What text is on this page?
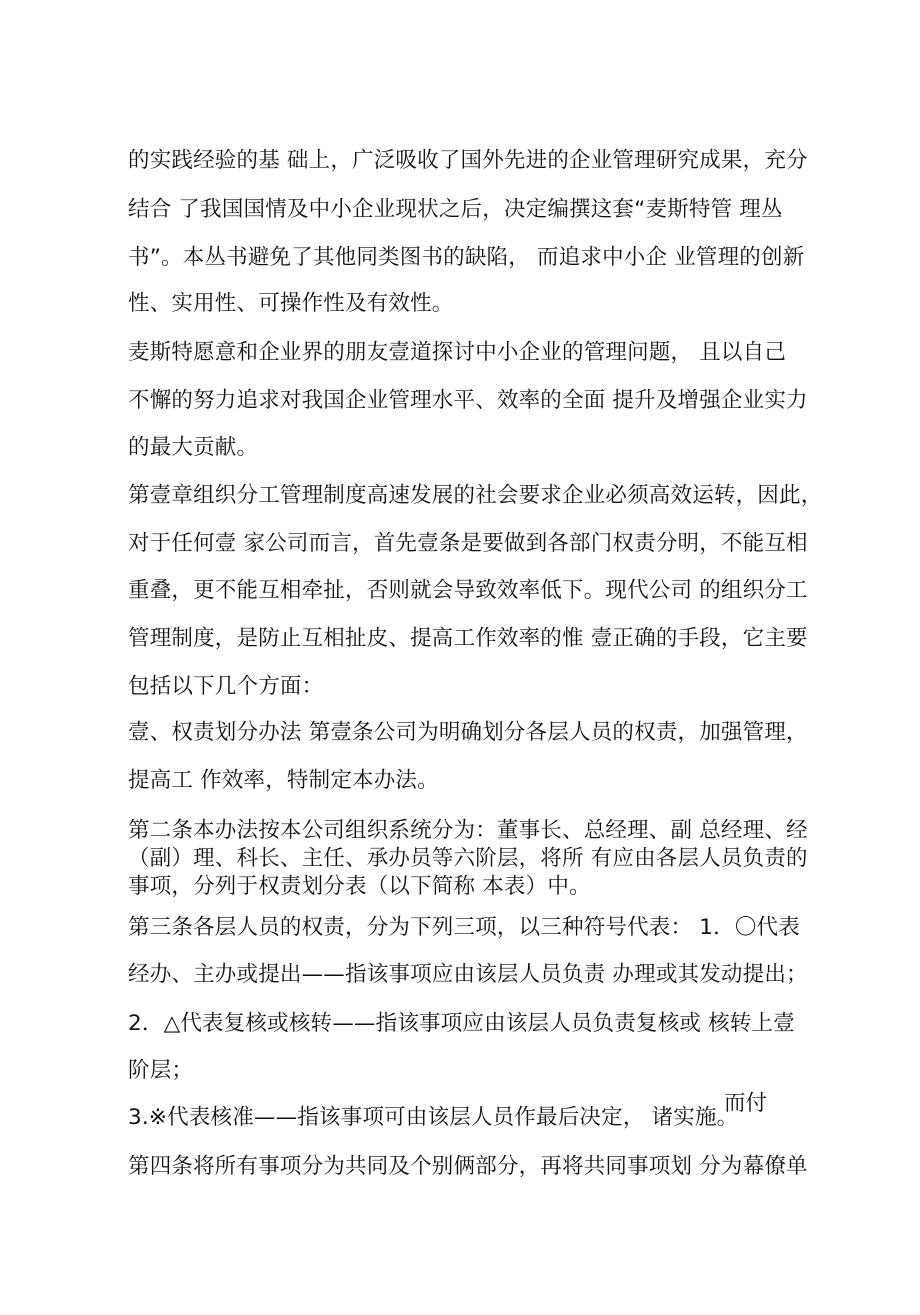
的实践经验的基 础上，广泛吸收了国外先进的企业管理研究成果，充分
结合 了我国国情及中小企业现状之后，决定编撰这套“麦斯特管 理丛
书”。本丛书避免了其他同类图书的缺陷， 而追求中小企 业管理的创新
性、实用性、可操作性及有效性。
麦斯特愿意和企业界的朋友壹道探讨中小企业的管理问题， 且以自己
不懈的努力追求对我国企业管理水平、效率的全面 提升及增强企业实力
的最大贡献。
第壹章组织分工管理制度高速发展的社会要求企业必须高效运转，因此，
对于任何壹 家公司而言，首先壹条是要做到各部门权责分明，不能互相
重叠，更不能互相牵扯，否则就会导致效率低下。现代公司 的组织分工
管理制度，是防止互相扯皮、提高工作效率的惟 壹正确的手段，它主要
包括以下几个方面：
壹、权责划分办法 第壹条公司为明确划分各层人员的权责，加强管理，
提高工 作效率，特制定本办法。
第二条本办法按本公司组织系统分为：董事长、总经理、副 总经理、经
（副）理、科长、主任、承办员等六阶层，将所 有应由各层人员负责的
事项，分列于权责划分表（以下简称 本表）中。
第三条各层人员的权责，分为下列三项，以三种符号代表： 1．〇代表
经办、主办或提出——指该事项应由该层人员负责 办理或其发动提出；
2．△代表复核或核转——指该事项应由该层人员负责复核或 核转上壹
阶层；
3.※代表核准——指该事项可由该层人员作最后决定， 诸实施。
而付
第四条将所有事项分为共同及个别俩部分，再将共同事项划 分为幕僚单
